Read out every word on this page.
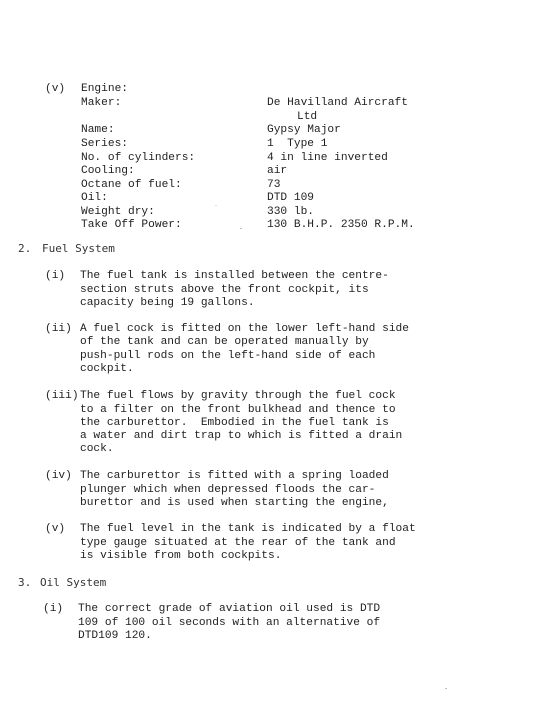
(v) Engine:
Maker:	De Havilland Aircraft
Ltd
Name:	Gypsy Major
Series:	1  Type 1
No. of cylinders:	4 in line inverted
Cooling:	air
Octane of fuel:	73
Oil:	DTD 109
Weight dry:	330 lb.
Take Off Power:	130 B.H.P. 2350 R.P.M.
2. Fuel System
(i) The fuel tank is installed between the centre-
section struts above the front cockpit, its
capacity being 19 gallons.
(ii) A fuel cock is fitted on the lower left-hand side
of the tank and can be operated manually by
push-pull rods on the left-hand side of each
cockpit.
(iii) The fuel flows by gravity through the fuel cock
to a filter on the front bulkhead and thence to
the carburettor.  Embodied in the fuel tank is
a water and dirt trap to which is fitted a drain
cock.
(iv) The carburettor is fitted with a spring loaded
plunger which when depressed floods the car-
burettor and is used when starting the engine,
(v) The fuel level in the tank is indicated by a float
type gauge situated at the rear of the tank and
is visible from both cockpits.
3. Oil System
(i) The correct grade of aviation oil used is DTD
109 of 100 oil seconds with an alternative of
DTD109 120.
